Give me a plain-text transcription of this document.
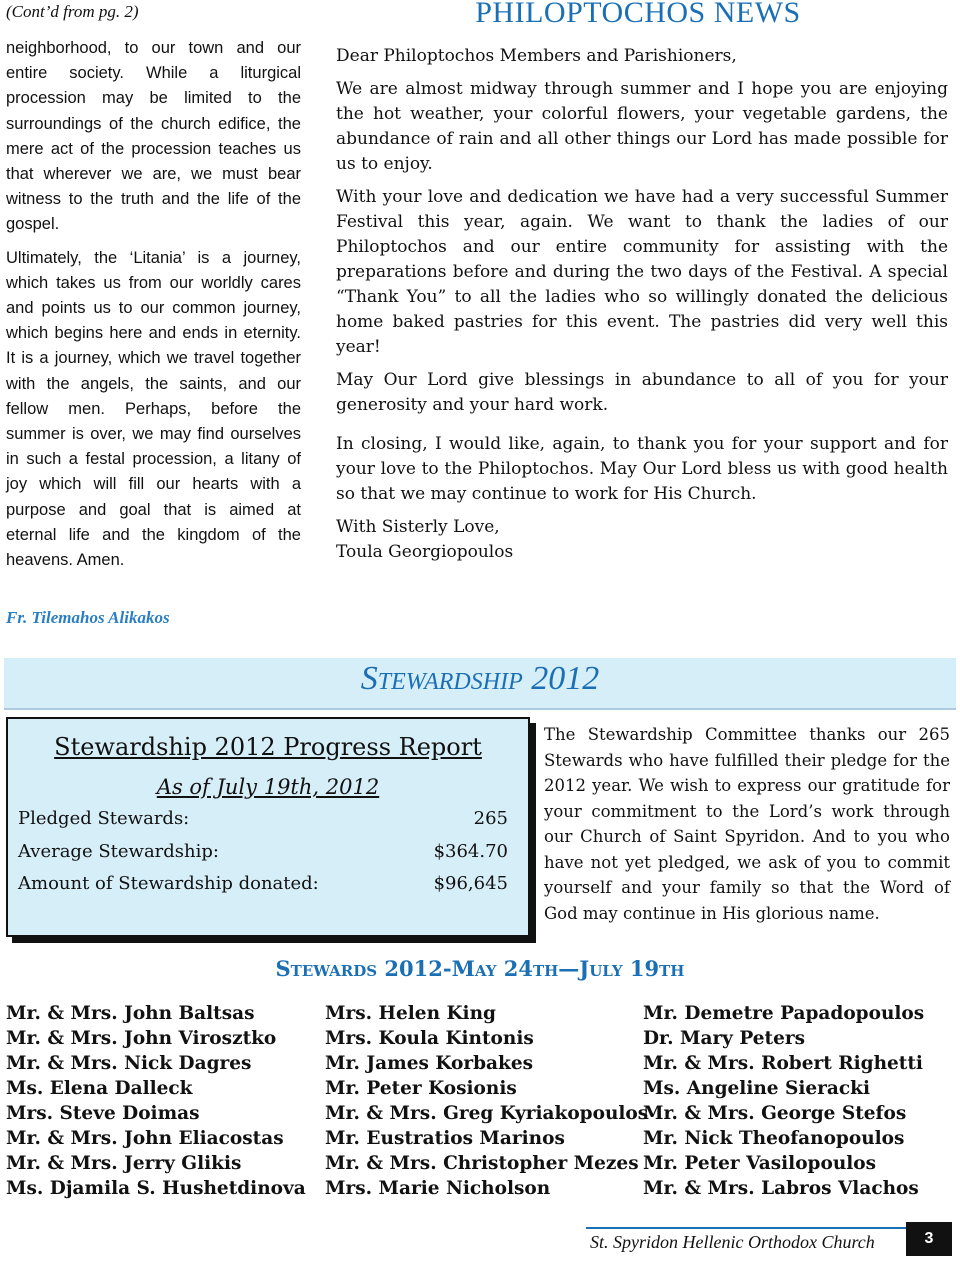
(Cont’d from pg. 2)

neighborhood, to our town and our entire society. While a liturgical procession may be limited to the surroundings of the church edifice, the mere act of the procession teaches us that wherever we are, we must bear witness to the truth and the life of the gospel.

Ultimately, the ‘Litania’ is a journey, which takes us from our worldly cares and points us to our common journey, which begins here and ends in eternity. It is a journey, which we travel together with the angels, the saints, and our fellow men. Perhaps, before the summer is over, we may find ourselves in such a festal procession, a litany of joy which will fill our hearts with a purpose and goal that is aimed at eternal life and the kingdom of the heavens. Amen.

Fr. Tilemahos Alikakos
PHILOPTOCHOS NEWS

Dear Philoptochos Members and Parishioners,

We are almost midway through summer and I hope you are enjoying the hot weather, your colorful flowers, your vegetable gardens, the abundance of rain and all other things our Lord has made possible for us to enjoy.

With your love and dedication we have had a very successful Summer Festival this year, again. We want to thank the ladies of our Philoptochos and our entire community for assisting with the preparations before and during the two days of the Festival. A special “Thank You” to all the ladies who so willingly donated the delicious home baked pastries for this event. The pastries did very well this year!

May Our Lord give blessings in abundance to all of you for your generosity and your hard work.

In closing, I would like, again, to thank you for your support and for your love to the Philoptochos. May Our Lord bless us with good health so that we may continue to work for His Church.

With Sisterly Love,

Toula Georgiopoulos

Stewardship 2012
Stewardship 2012 Progress Report
As of July 19th, 2012
Pledged Stewards:	265
Average Stewardship:	$364.70
Amount of Stewardship donated:	$96,645
The Stewardship Committee thanks our 265 Stewards who have fulfilled their pledge for the 2012 year. We wish to express our gratitude for your commitment to the Lord’s work through our Church of Saint Spyridon. And to you who have not yet pledged, we ask of you to commit yourself and your family so that the Word of God may continue in His glorious name.
Stewards 2012-May 24th—July 19th
Mr. & Mrs. John Baltsas
Mr. & Mrs. John Virosztko
Mr. & Mrs. Nick Dagres
Ms. Elena Dalleck
Mrs. Steve Doimas
Mr. & Mrs. John Eliacostas
Mr. & Mrs. Jerry Glikis
Ms. Djamila S. Hushetdinova
Mrs. Helen King
Mrs. Koula Kintonis
Mr. James Korbakes
Mr. Peter Kosionis
Mr. & Mrs. Greg Kyriakopoulos
Mr. Eustratios Marinos
Mr. & Mrs. Christopher Mezes
Mrs. Marie Nicholson
Mr. Demetre Papadopoulos
Dr. Mary Peters
Mr. & Mrs. Robert Righetti
Ms. Angeline Sieracki
Mr. & Mrs. George Stefos
Mr. Nick Theofanopoulos
Mr. Peter Vasilopoulos
Mr. & Mrs. Labros Vlachos
St. Spyridon Hellenic Orthodox Church	3
